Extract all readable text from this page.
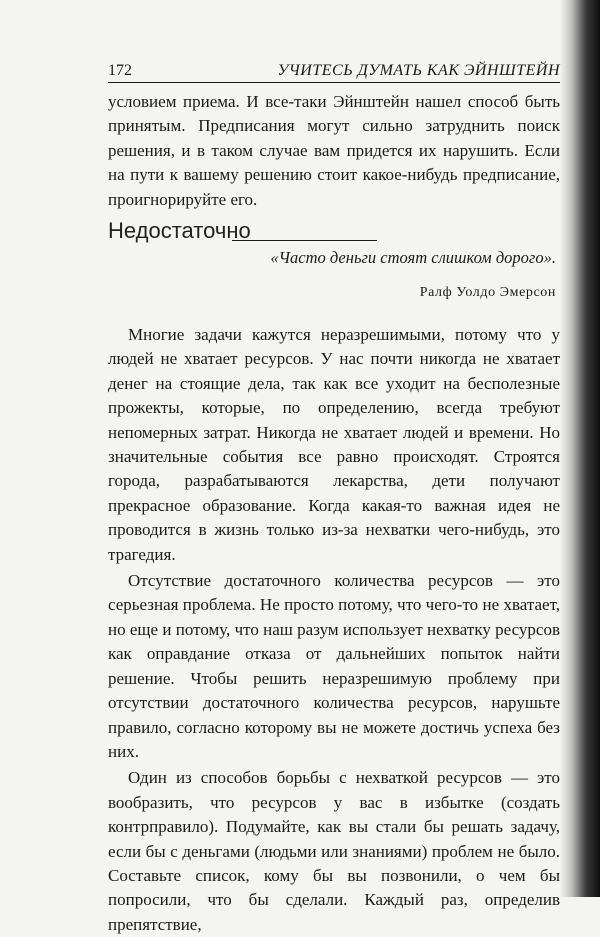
172	УЧИТЕСЬ ДУМАТЬ КАК ЭЙНШТЕЙН

условием приема. И все-таки Эйнштейн нашел способ быть принятым. Предписания могут сильно затруднить поиск решения, и в таком случае вам придется их нарушить. Если на пути к вашему решению стоит какое-нибудь предписание, проигнорируйте его.

Недостаточно
«Часто деньги стоят слишком дорого».
Ралф Уолдо Эмерсон

Многие задачи кажутся неразрешимыми, потому что у людей не хватает ресурсов. У нас почти никогда не хватает денег на стоящие дела, так как все уходит на бесполезные прожекты, которые, по определению, всегда требуют непомерных затрат. Никогда не хватает людей и времени. Но значительные события все равно происходят. Строятся города, разрабатываются лекарства, дети получают прекрасное образование. Когда какая-то важная идея не проводится в жизнь только из-за нехватки чего-нибудь, это трагедия.

Отсутствие достаточного количества ресурсов — это серьезная проблема. Не просто потому, что чего-то не хватает, но еще и потому, что наш разум использует нехватку ресурсов как оправдание отказа от дальнейших попыток найти решение. Чтобы решить неразрешимую проблему при отсутствии достаточного количества ресурсов, нарушьте правило, согласно которому вы не можете достичь успеха без них.

Один из способов борьбы с нехваткой ресурсов — это вообразить, что ресурсов у вас в избытке (создать контрправило). Подумайте, как вы стали бы решать задачу, если бы с деньгами (людьми или знаниями) проблем не было. Составьте список, кому бы вы позвонили, о чем бы попросили, что бы сделали. Каждый раз, определив препятствие,
